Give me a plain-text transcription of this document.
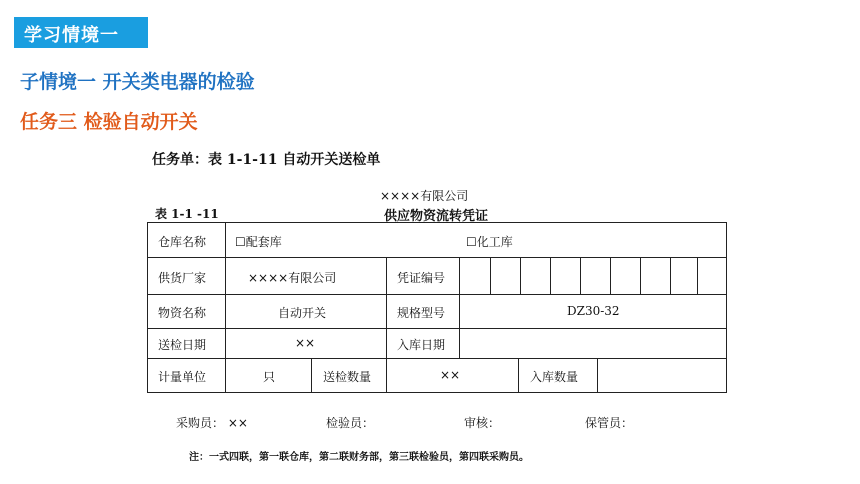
学习情境一
子情境一 开关类电器的检验
任务三 检验自动开关
任务单：表 1-1-11 自动开关送检单
××××有限公司
表 1-1 -11	供应物资流转凭证
仓库名称 ☐配套库	☐化工库
供货厂家	××××有限公司	凭证编号
物资名称	自动开关	规格型号	DZ30-32
送检日期	××	入库日期
计量单位	只	送检数量	××	入库数量
采购员： ××	检验员：	审核：	保管员：
注：一式四联，第一联仓库，第二联财务部，第三联检验员，第四联采购员。
